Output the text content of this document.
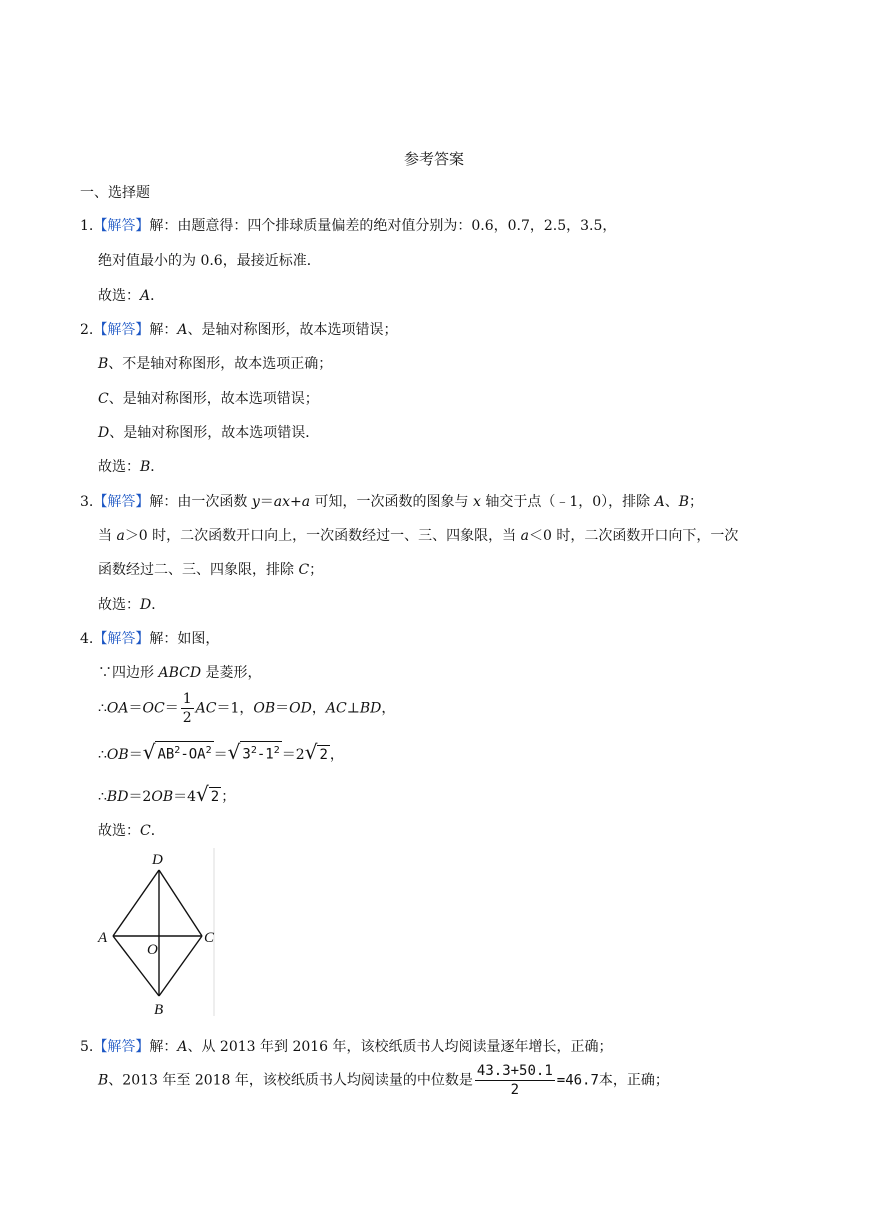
参考答案
一、选择题
1.【解答】解：由题意得：四个排球质量偏差的绝对值分别为：0.6，0.7，2.5，3.5，
绝对值最小的为 0.6，最接近标准．
故选：A．
2.【解答】解：A、是轴对称图形，故本选项错误；
B、不是轴对称图形，故本选项正确；
C、是轴对称图形，故本选项错误；
D、是轴对称图形，故本选项错误．
故选：B．
3.【解答】解：由一次函数 y＝ax+a 可知，一次函数的图象与 x 轴交于点（﹣1，0），排除 A、B；
当 a＞0 时，二次函数开口向上，一次函数经过一、三、四象限，当 a＜0 时，二次函数开口向下，一次
函数经过二、三、四象限，排除 C；
故选：D．
4.【解答】解：如图，
∵四边形 ABCD 是菱形，
∴OA＝OC＝ $\frac{1}{2} AC=1$，OB＝OD，AC⊥BD，
∴OB＝√ $AB^2-OA^2$ ＝√ $3^2-1^2 =2√$ 2 ，
∴BD＝2OB＝4√ 2 ；
故选：C．
D
A
O
C
B
5.【解答】解：A、从 2013 年到 2016 年，该校纸质书人均阅读量逐年增长，正确；
B、2013 年至 2018 年，该校纸质书人均阅读量的中位数是 $\frac{43.3+50.1}{2} =46.7$本，正确；
